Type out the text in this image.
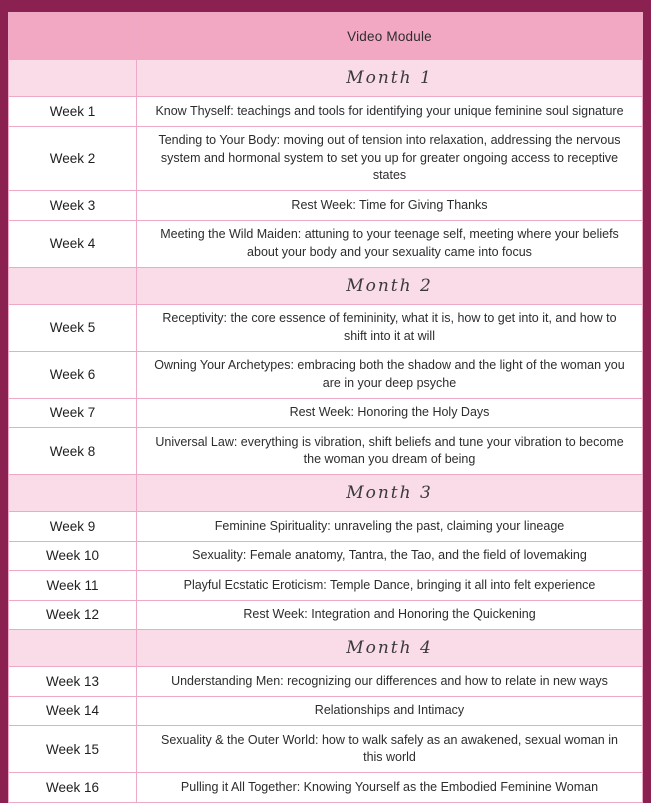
	Video Module
	Month 1
Week 1	Know Thyself: teachings and tools for identifying your unique feminine soul signature
Week 2	Tending to Your Body: moving out of tension into relaxation, addressing the nervous system and hormonal system to set you up for greater ongoing access to receptive states
Week 3	Rest Week: Time for Giving Thanks
Week 4	Meeting the Wild Maiden: attuning to your teenage self, meeting where your beliefs about your body and your sexuality came into focus
	Month 2
Week 5	Receptivity: the core essence of femininity, what it is, how to get into it, and how to shift into it at will
Week 6	Owning Your Archetypes: embracing both the shadow and the light of the woman you are in your deep psyche
Week 7	Rest Week: Honoring the Holy Days
Week 8	Universal Law: everything is vibration, shift beliefs and tune your vibration to become the woman you dream of being
	Month 3
Week 9	Feminine Spirituality: unraveling the past, claiming your lineage
Week 10	Sexuality: Female anatomy, Tantra, the Tao, and the field of lovemaking
Week 11	Playful Ecstatic Eroticism: Temple Dance, bringing it all into felt experience
Week 12	Rest Week: Integration and Honoring the Quickening
	Month 4
Week 13	Understanding Men: recognizing our differences and how to relate in new ways
Week 14	Relationships and Intimacy
Week 15	Sexuality & the Outer World: how to walk safely as an awakened, sexual woman in this world
Week 16	Pulling it All Together: Knowing Yourself as the Embodied Feminine Woman
